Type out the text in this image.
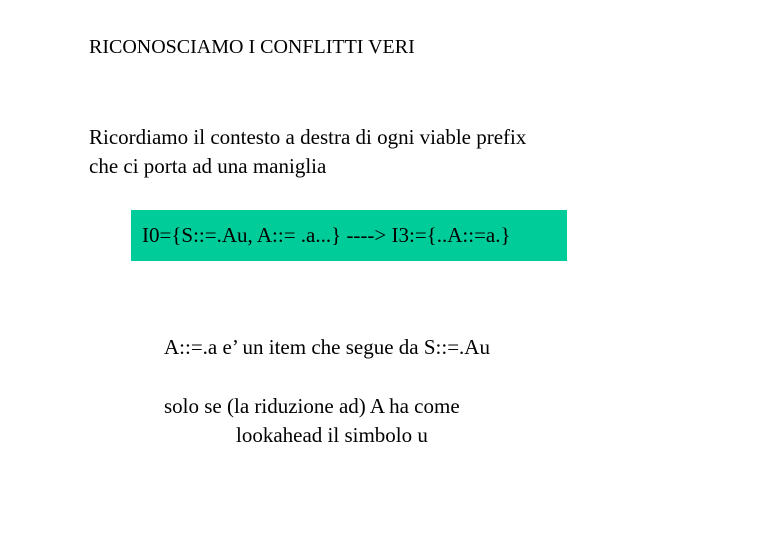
RICONOSCIAMO I CONFLITTI VERI
Ricordiamo il contesto a destra di ogni viable prefix
che ci porta ad una maniglia
I0={S::=.Au, A::= .a...} ----> I3:={..A::=a.}
A::=.a e’ un item che segue da S::=.Au
solo se (la riduzione ad) A ha come
lookahead il simbolo u
